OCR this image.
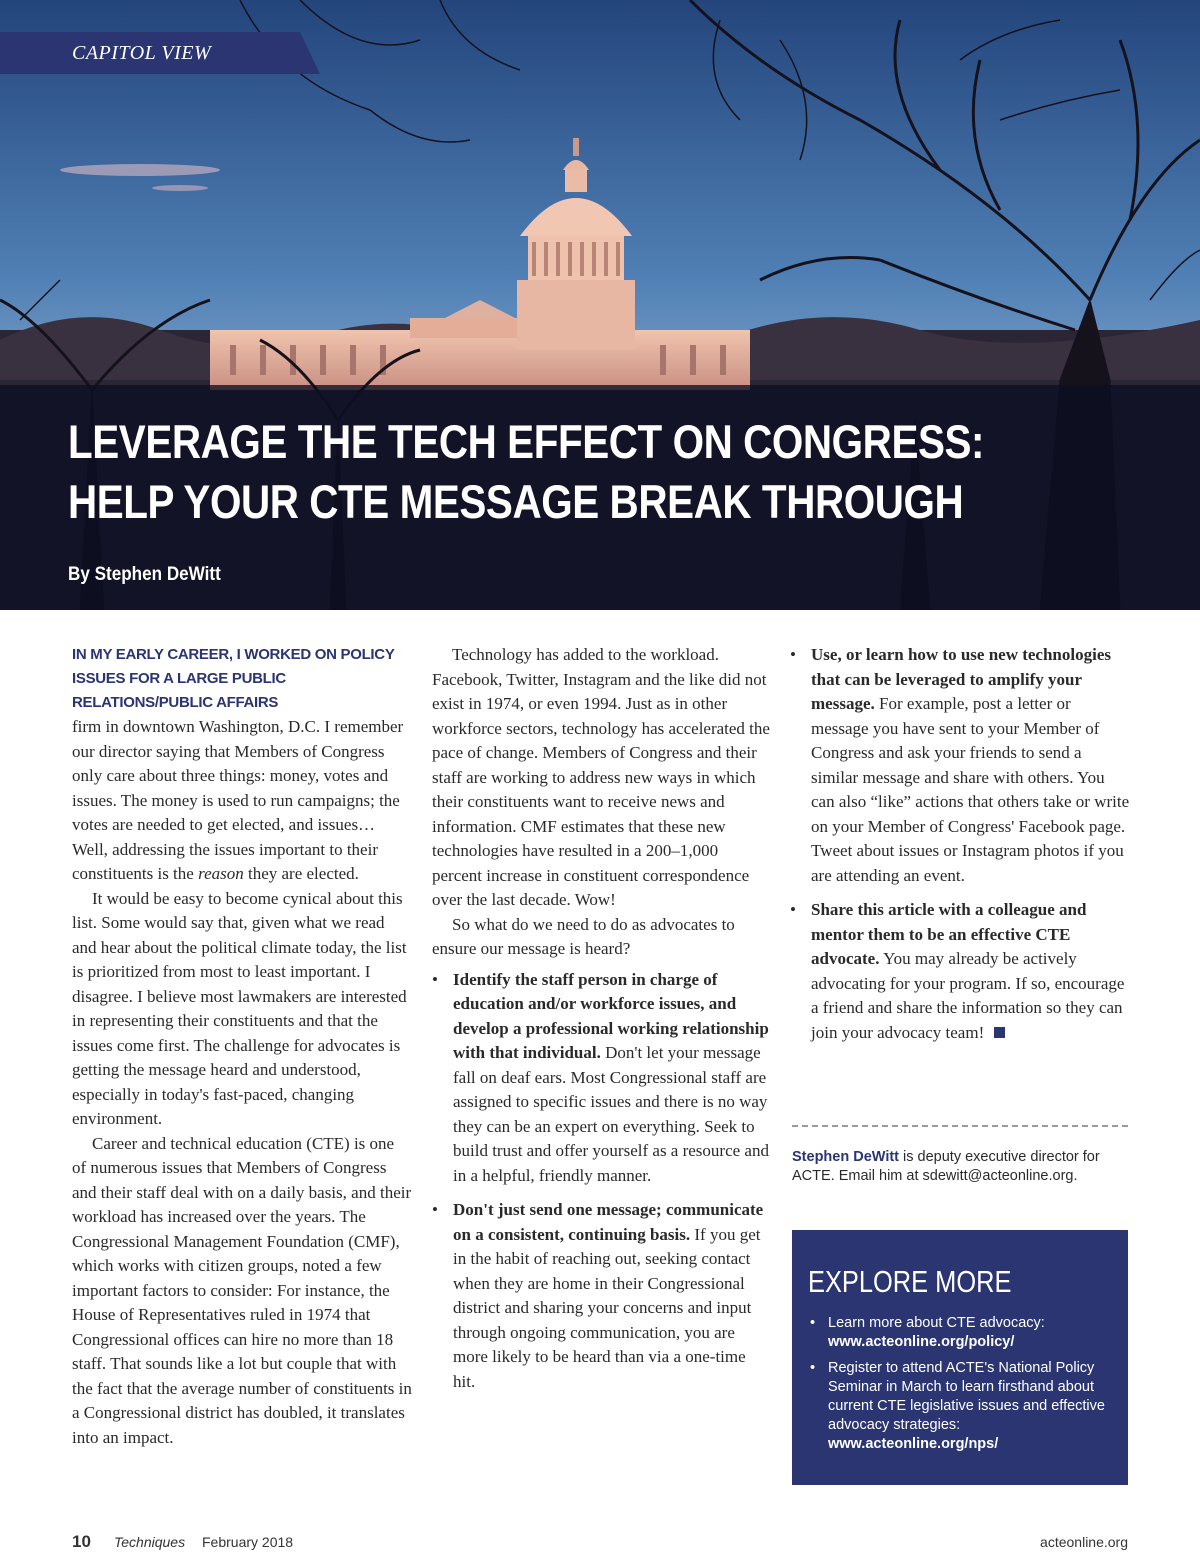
CAPITOL VIEW
LEVERAGE THE TECH EFFECT ON CONGRESS:
HELP YOUR CTE MESSAGE BREAK THROUGH
By Stephen DeWitt

IN MY EARLY CAREER, I WORKED ON POLICY ISSUES FOR A LARGE PUBLIC RELATIONS/PUBLIC AFFAIRS

firm in downtown Washington, D.C. I remember our director saying that Members of Congress only care about three things: money, votes and issues. The money is used to run campaigns; the votes are needed to get elected, and issues… Well, addressing the issues important to their constituents is the reason they are elected.

It would be easy to become cynical about this list. Some would say that, given what we read and hear about the political climate today, the list is prioritized from most to least important. I disagree. I believe most lawmakers are interested in representing their constituents and that the issues come first. The challenge for advocates is getting the message heard and understood, especially in today's fast-paced, changing environment.

Career and technical education (CTE) is one of numerous issues that Members of Congress and their staff deal with on a daily basis, and their workload has increased over the years. The Congressional Management Foundation (CMF), which works with citizen groups, noted a few important factors to consider: For instance, the House of Representatives ruled in 1974 that Congressional offices can hire no more than 18 staff. That sounds like a lot but couple that with the fact that the average number of constituents in a Congressional district has doubled, it translates into an impact.

Technology has added to the workload. Facebook, Twitter, Instagram and the like did not exist in 1974, or even 1994. Just as in other workforce sectors, technology has accelerated the pace of change. Members of Congress and their staff are working to address new ways in which their constituents want to receive news and information. CMF estimates that these new technologies have resulted in a 200–1,000 percent increase in constituent correspondence over the last decade. Wow!

So what do we need to do as advocates to ensure our message is heard?

• Identify the staff person in charge of education and/or workforce issues, and develop a professional working relationship with that individual. Don't let your message fall on deaf ears. Most Congressional staff are assigned to specific issues and there is no way they can be an expert on everything. Seek to build trust and offer yourself as a resource and in a helpful, friendly manner.
• Don't just send one message; communicate on a consistent, continuing basis. If you get in the habit of reaching out, seeking contact when they are home in their Congressional district and sharing your concerns and input through ongoing communication, you are more likely to be heard than via a one-time hit.
• Use, or learn how to use new technologies that can be leveraged to amplify your message. For example, post a letter or message you have sent to your Member of Congress and ask your friends to send a similar message and share with others. You can also “like” actions that others take or write on your Member of Congress' Facebook page. Tweet about issues or Instagram photos if you are attending an event.
• Share this article with a colleague and mentor them to be an effective CTE advocate. You may already be actively advocating for your program. If so, encourage a friend and share the information so they can join your advocacy team!
Stephen DeWitt is deputy executive director for ACTE. Email him at sdewitt@acteonline.org.
EXPLORE MORE
• Learn more about CTE advocacy: www.acteonline.org/policy/
• Register to attend ACTE's National Policy Seminar in March to learn firsthand about current CTE legislative issues and effective advocacy strategies: www.acteonline.org/nps/
10 Techniques February 2018	acteonline.org
